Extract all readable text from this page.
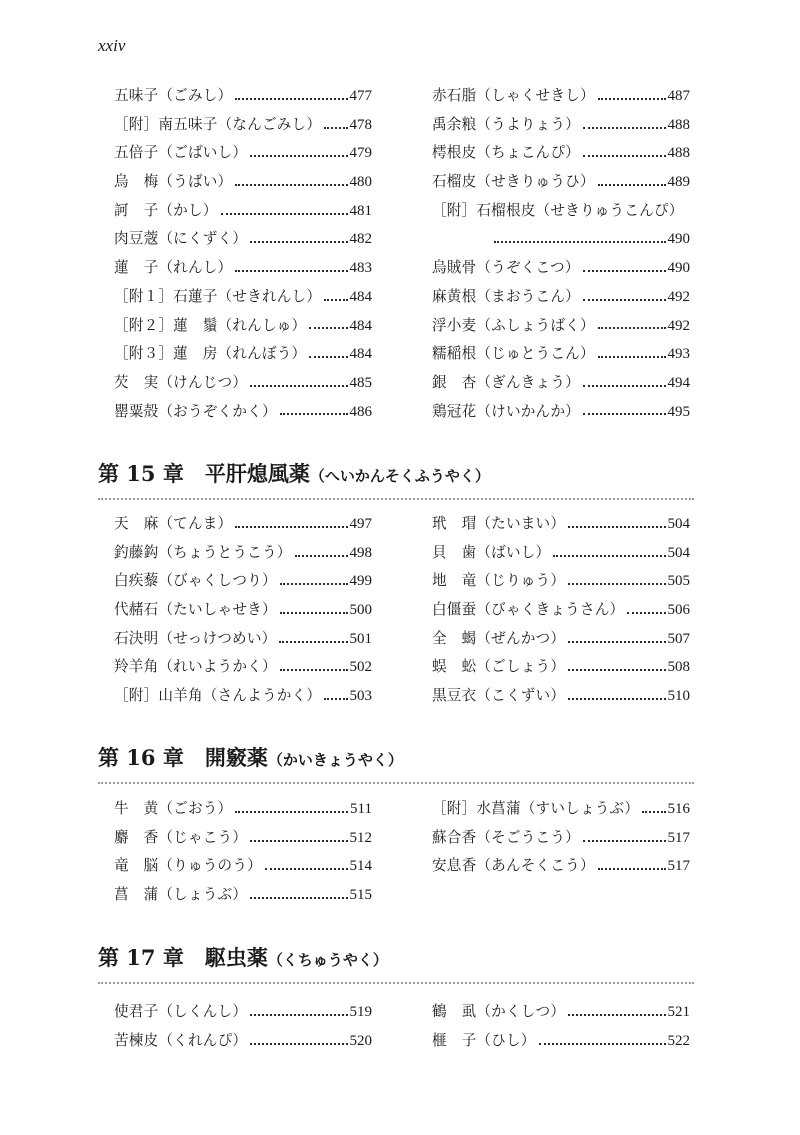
xxiv
五味子（ごみし）	477
［附］南五味子（なんごみし） 478
五倍子（ごばいし）	479
烏　梅（うばい）	480
訶　子（かし）	481
肉豆蔲（にくずく）	482
蓮　子（れんし）	483
［附１］石蓮子（せきれんし） 484
［附２］蓮　鬚（れんしゅ）	484
［附３］蓮　房（れんぼう）	484
芡　実（けんじつ）	485
罌粟殻（おうぞくかく）	486
赤石脂（しゃくせきし）	487
禹余粮（うよりょう）	488
樗根皮（ちょこんぴ）	488
石榴皮（せきりゅうひ）	489
［附］石榴根皮（せきりゅうこんぴ）
490
烏賊骨（うぞくこつ）	490
麻黄根（まおうこん）	492
浮小麦（ふしょうばく）	492
糯稲根（じゅとうこん）	493
銀　杏（ぎんきょう）	494
鶏冠花（けいかんか）	495
第 15 章　平肝熄風薬（へいかんそくふうやく）
天　麻（てんま）	497
釣藤鈎（ちょうとうこう）	498
白疾藜（びゃくしつり）	499
代赭石（たいしゃせき）	500
石決明（せっけつめい）	501
羚羊角（れいようかく）	502
［附］山羊角（さんようかく） 503
玳　瑁（たいまい）	504
貝　歯（ばいし）	504
地　竜（じりゅう）	505
白僵蚕（びゃくきょうさん）	506
全　蝎（ぜんかつ）	507
蜈　蚣（ごしょう）	508
黒豆衣（こくずい）	510
第 16 章　開竅薬（かいきょうやく）
牛　黄（ごおう）	511
麝　香（じゃこう）	512
竜　脳（りゅうのう）	514
菖　蒲（しょうぶ）	515
［附］水菖蒲（すいしょうぶ） 516
蘇合香（そごうこう）	517
安息香（あんそくこう）	517
第 17 章　駆虫薬（くちゅうやく）
使君子（しくんし）	519
苦楝皮（くれんぴ）	520
鶴　虱（かくしつ）	521
榧　子（ひし）	522
